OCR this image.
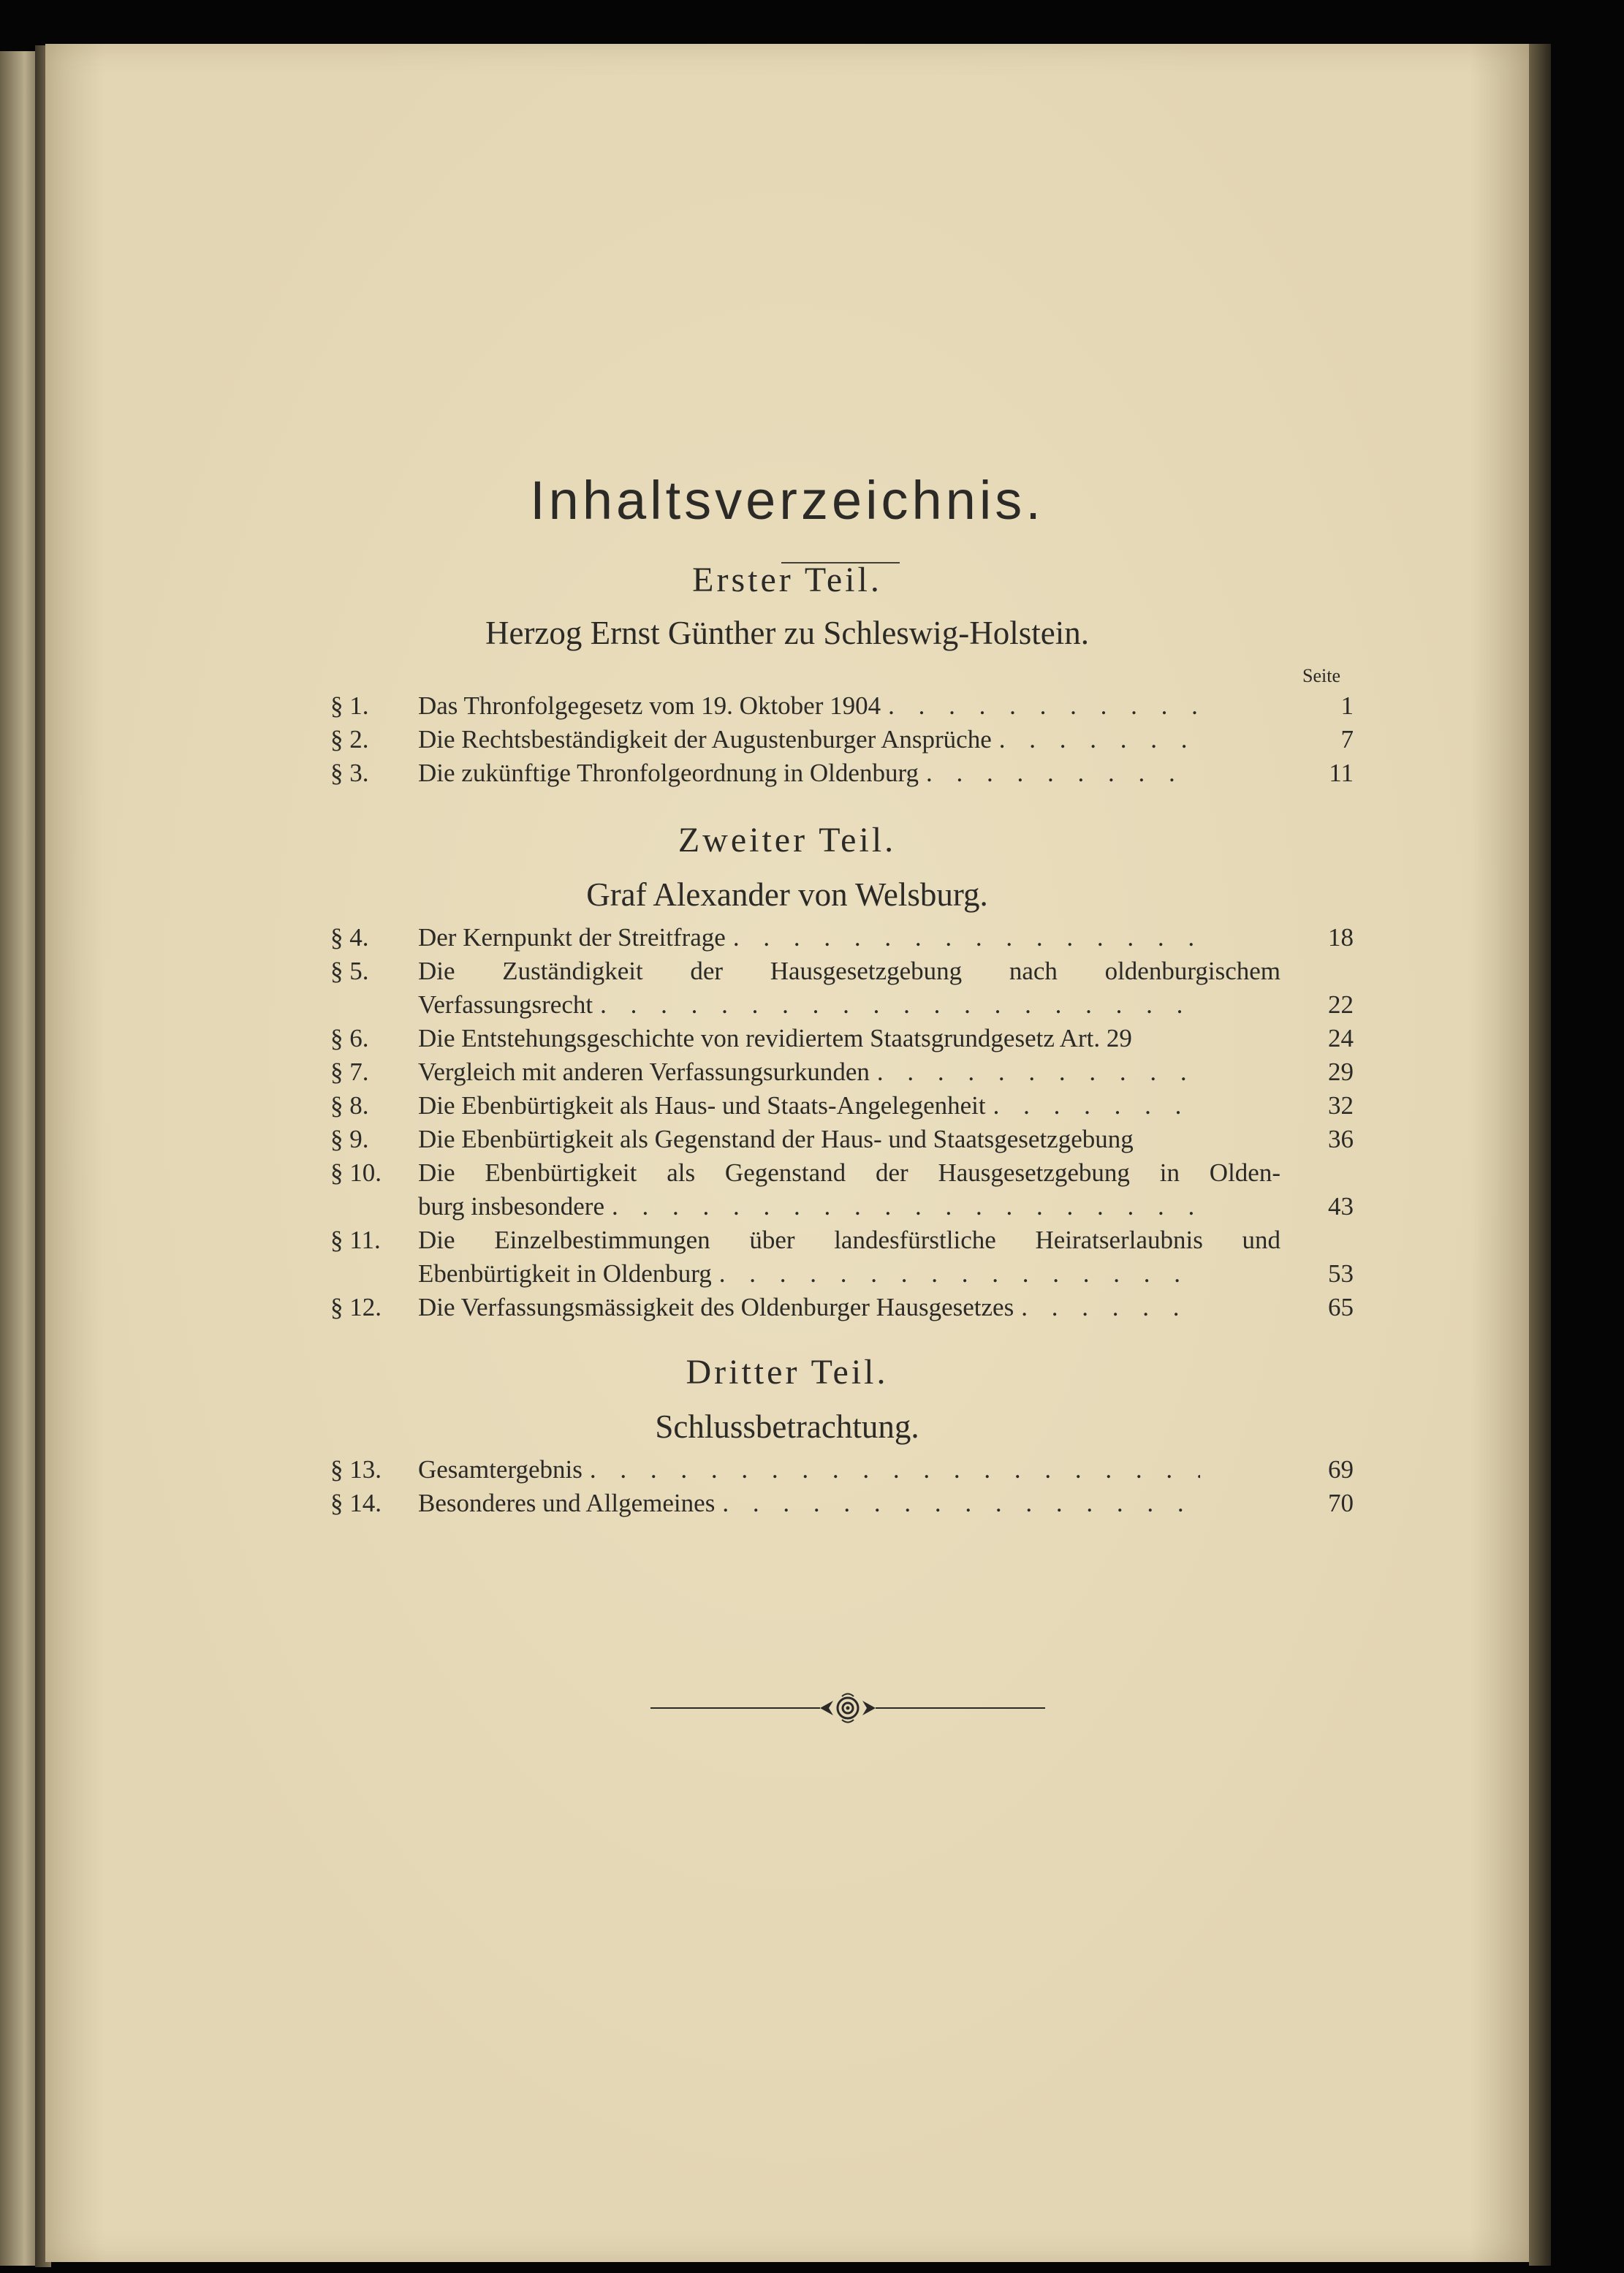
Inhaltsverzeichnis.
Erster Teil.
Herzog Ernst Günther zu Schleswig-Holstein.
Seite
§ 1.	Das Thronfolgegesetz vom 19. Oktober 1904 . . .	1
§ 2.	Die Rechtsbeständigkeit der Augustenburger Ansprüche . . .	7
§ 3.	Die zukünftige Thronfolgeordnung in Oldenburg . . .	11
Zweiter Teil.
Graf Alexander von Welsburg.
§ 4.	Der Kernpunkt der Streitfrage . . .	18
§ 5.	Die Zuständigkeit der Hausgesetzgebung nach oldenburgischem
Verfassungsrecht . . .	22
§ 6.	Die Entstehungsgeschichte von revidiertem Staatsgrundgesetz Art. 29	24
§ 7.	Vergleich mit anderen Verfassungsurkunden . . .	29
§ 8.	Die Ebenbürtigkeit als Haus- und Staats-Angelegenheit . . .	32
§ 9.	Die Ebenbürtigkeit als Gegenstand der Haus- und Staatsgesetzgebung	36
§ 10.	Die Ebenbürtigkeit als Gegenstand der Hausgesetzgebung in Olden-
burg insbesondere . . .	43
§ 11.	Die Einzelbestimmungen über landesfürstliche Heiratserlaubnis und
Ebenbürtigkeit in Oldenburg . . .	53
§ 12.	Die Verfassungsmässigkeit des Oldenburger Hausgesetzes . . .	65
Dritter Teil.
Schlussbetrachtung.
§ 13.	Gesamtergebnis . . .	69
§ 14.	Besonderes und Allgemeines . . .	70
